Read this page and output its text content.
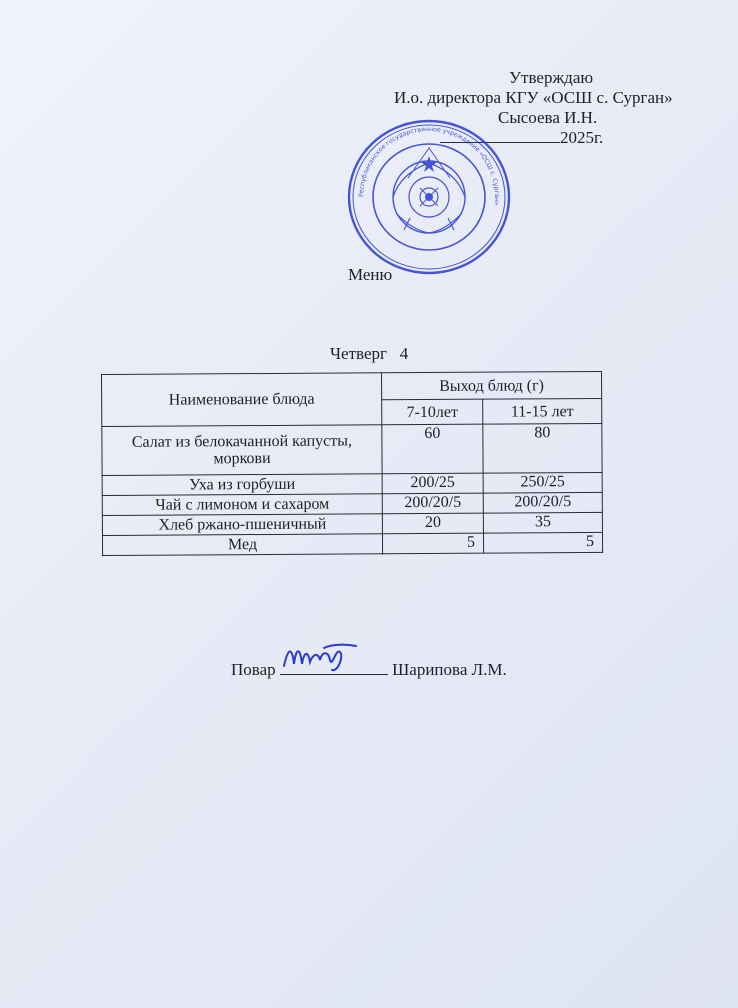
Утверждаю
И.о. директора КГУ «ОСШ с. Сурган»
Сысоева И.Н.
2025г.
Республиканское государственное учреждение «ОСШ с. Сурган»
Меню
Четверг   4
Наименование блюда	Выход блюд (г)	
	7-10лет	11-15 лет
Салат из белокачанной капусты, моркови	60	80
Уха из горбуши	200/25	250/25
Чай с лимоном и сахаром	200/20/5	200/20/5
Хлеб ржано-пшеничный	20	35
Мед	5	5
Повар	Шарипова Л.М.
